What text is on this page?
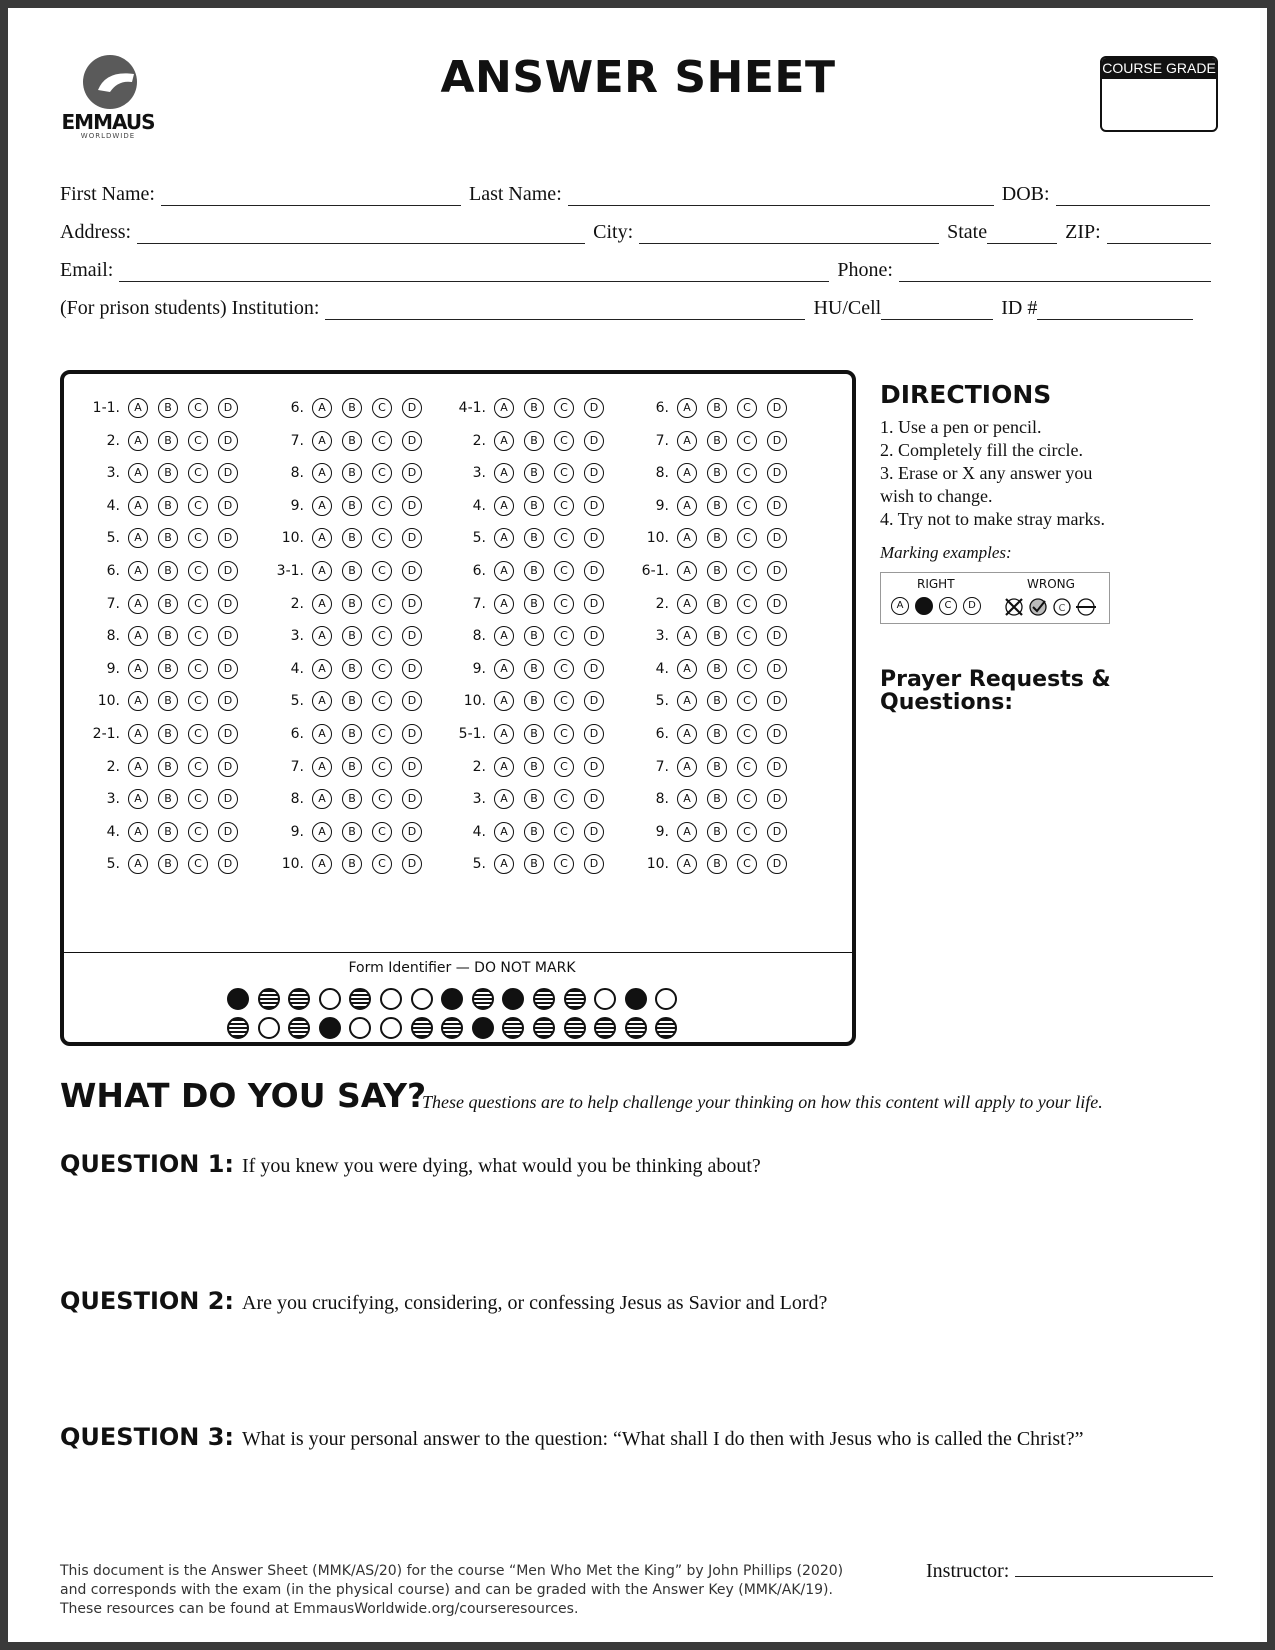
EMMAUS
WORLDWIDE
ANSWER SHEET	COURSE GRADE
First Name:	Last Name:	DOB:
Address:	City:	State	ZIP:
Email:	Phone:
(For prison students) Institution:	HU/Cell	ID #
Form Identifier — DO NOT MARK
1-1.	A	B	C	D
2.	A	B	C	D
3.	A	B	C	D
4.	A	B	C	D
5.	A	B	C	D
6.	A	B	C	D
7.	A	B	C	D
8.	A	B	C	D
9.	A	B	C	D
10.	A	B	C	D
2-1.	A	B	C	D
2.	A	B	C	D
3.	A	B	C	D
4.	A	B	C	D
5.	A	B	C	D
6.	A	B	C	D
7.	A	B	C	D
8.	A	B	C	D
9.	A	B	C	D
10.	A	B	C	D
3-1.	A	B	C	D
2.	A	B	C	D
3.	A	B	C	D
4.	A	B	C	D
5.	A	B	C	D
6.	A	B	C	D
7.	A	B	C	D
8.	A	B	C	D
9.	A	B	C	D
10.	A	B	C	D
4-1.	A	B	C	D
2.	A	B	C	D
3.	A	B	C	D
4.	A	B	C	D
5.	A	B	C	D
6.	A	B	C	D
7.	A	B	C	D
8.	A	B	C	D
9.	A	B	C	D
10.	A	B	C	D
5-1.	A	B	C	D
2.	A	B	C	D
3.	A	B	C	D
4.	A	B	C	D
5.	A	B	C	D
6.	A	B	C	D
7.	A	B	C	D
8.	A	B	C	D
9.	A	B	C	D
10.	A	B	C	D
6-1.	A	B	C	D
2.	A	B	C	D
3.	A	B	C	D
4.	A	B	C	D
5.	A	B	C	D
6.	A	B	C	D
7.	A	B	C	D
8.	A	B	C	D
9.	A	B	C	D
10.	A	B	C	D
DIRECTIONS
1. Use a pen or pencil.
2. Completely fill the circle.
3. Erase or X any answer you wish to change.
4. Try not to make stray marks.
Marking examples:
RIGHT	WRONG
A	C	D	C
Prayer Requests & Questions:
WHAT DO YOU SAY?
These questions are to help challenge your thinking on how this content will apply to your life.
QUESTION 1: If you knew you were dying, what would you be thinking about?
QUESTION 2: Are you crucifying, considering, or confessing Jesus as Savior and Lord?
QUESTION 3: What is your personal answer to the question: “What shall I do then with Jesus who is called the Christ?”
This document is the Answer Sheet (MMK/AS/20) for the course “Men Who Met the King” by John Phillips (2020) and corresponds with the exam (in the physical course) and can be graded with the Answer Key (MMK/AK/19). These resources can be found at EmmausWorldwide.org/courseresources.
Instructor:
